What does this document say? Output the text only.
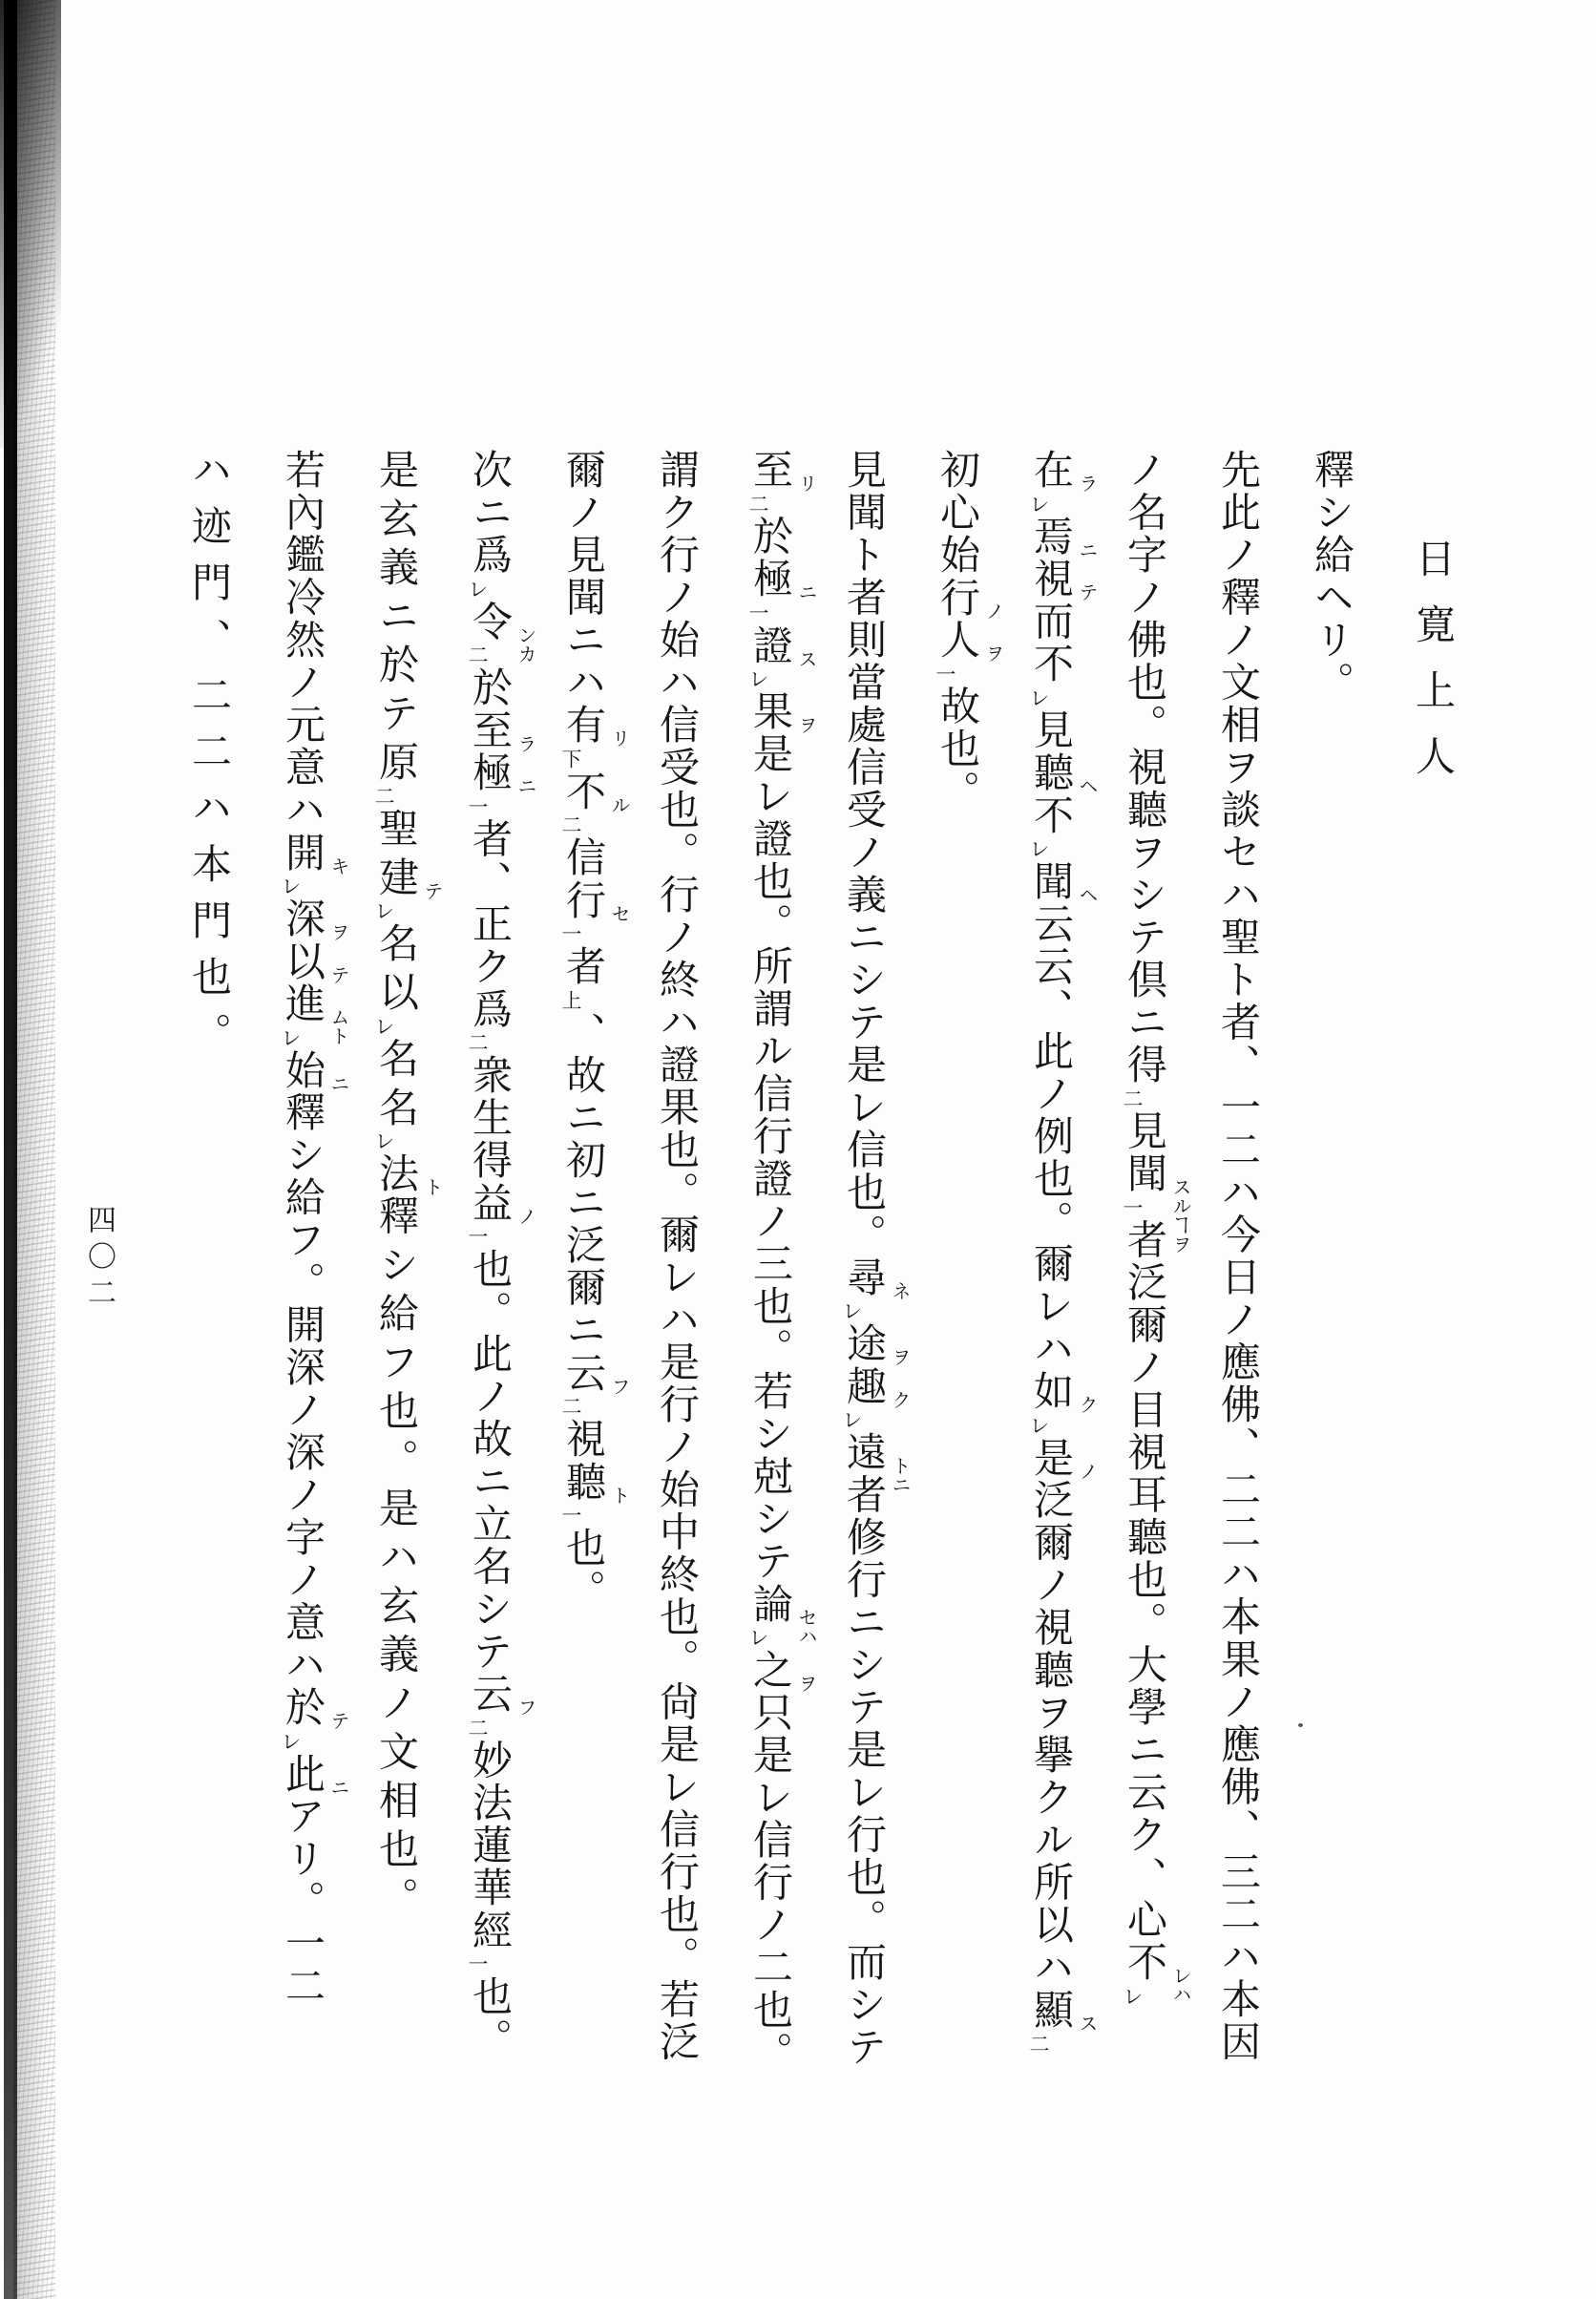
日寛上人
釋シ給ヘリ。
先此ノ釋ノ文相ヲ談セハ聖ト者、一二ハ今日ノ應佛、二二ハ本果ノ應佛、三二ハ本因
ノ名字ノ佛也。視聽ヲシテ倶ニ得二見聞
スルヿヲ
一者泛爾ノ目視耳聽也。大學ニ云ク、心不
レハ
レ
在 ラ
レ焉 ニ
視 テ
而不レ見聽 ヘ
不レ聞 ヘ
云云、此ノ例也。爾レハ如 ク
レ是 ノ
泛爾ノ視聽ヲ擧クル所以ハ顯 ス
二
初心始行 ノ
人 ヲ
一故也。
見聞ト者則當處信受ノ義ニシテ是レ信也。尋 ネ
レ途 ヲ
趣 ク
レ遠
トニ
者修行ニシテ是レ行也。而シテ
至 リ
二於極 ニ
一證 ス
レ果 ヲ
是レ證也。所謂ル信行證ノ三也。若シ尅シテ論
セハ
レ之 ヲ
只是レ信行ノ二也。
謂ク行ノ始ハ信受也。行ノ終ハ證果也。爾レハ是行ノ始中終也。尙是レ信行也。若泛
爾ノ見聞ニハ有 リ
下不 ル
二信行 セ
一者上、故ニ初ニ泛爾ニ云 フ
二視聽 ト
一也。
次ニ爲レ令
ンカ
二於至 ラ
極 ニ
一者、正ク爲二衆生得益 ノ
一也。此ノ故ニ立名シテ云 フ
二妙法蓮華經一也。
是玄義ニ於テ原二聖建 テ
レ名以レ名名レ法 ト
釋シ給フ也。是ハ玄義ノ文相也。
若內鑑冷然ノ元意ハ開 キ
レ深 ヲ
以 テ
進
ムト
レ始 ニ
釋シ給フ。開深ノ深ノ字ノ意ハ於 テ
レ此 ニ
アリ。一二
ハ迹門、二二ハ本門也。
四〇二
